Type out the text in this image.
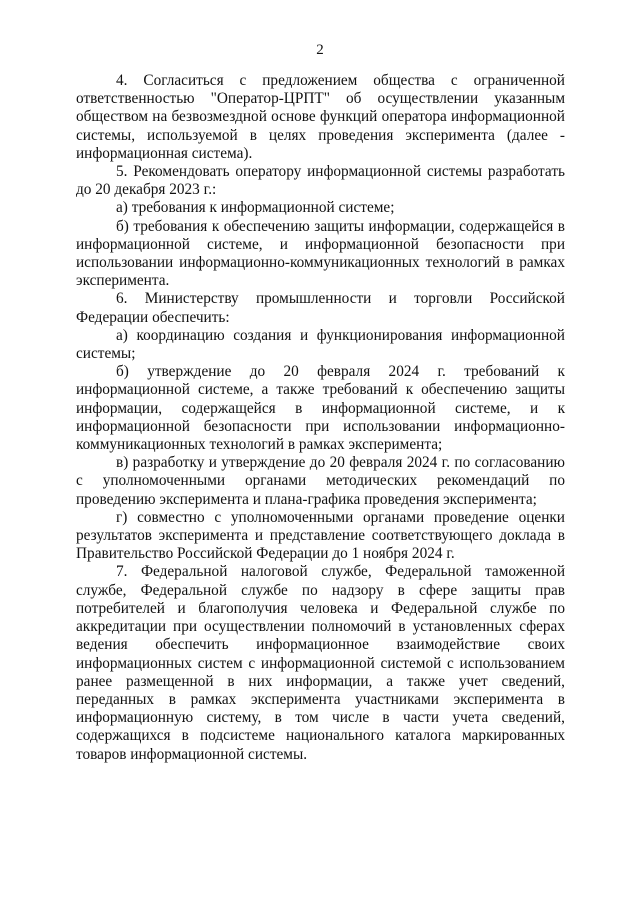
2

4. Согласиться с предложением общества с ограниченной ответственностью "Оператор-ЦРПТ" об осуществлении указанным обществом на безвозмездной основе функций оператора информационной системы, используемой в целях проведения эксперимента (далее - информационная система).

5. Рекомендовать оператору информационной системы разработать до 20 декабря 2023 г.:

а) требования к информационной системе;

б) требования к обеспечению защиты информации, содержащейся в информационной системе, и информационной безопасности при использовании информационно-коммуникационных технологий в рамках эксперимента.

6. Министерству промышленности и торговли Российской Федерации обеспечить:

а) координацию создания и функционирования информационной системы;

б) утверждение до 20 февраля 2024 г. требований к информационной системе, а также требований к обеспечению защиты информации, содержащейся в информационной системе, и к информационной безопасности при использовании информационно-коммуникационных технологий в рамках эксперимента;

в) разработку и утверждение до 20 февраля 2024 г. по согласованию с уполномоченными органами методических рекомендаций по проведению эксперимента и плана-графика проведения эксперимента;

г) совместно с уполномоченными органами проведение оценки результатов эксперимента и представление соответствующего доклада в Правительство Российской Федерации до 1 ноября 2024 г.

7. Федеральной налоговой службе, Федеральной таможенной службе, Федеральной службе по надзору в сфере защиты прав потребителей и благополучия человека и Федеральной службе по аккредитации при осуществлении полномочий в установленных сферах ведения обеспечить информационное взаимодействие своих информационных систем с информационной системой с использованием ранее размещенной в них информации, а также учет сведений, переданных в рамках эксперимента участниками эксперимента в информационную систему, в том числе в части учета сведений, содержащихся в подсистеме национального каталога маркированных товаров информационной системы.
